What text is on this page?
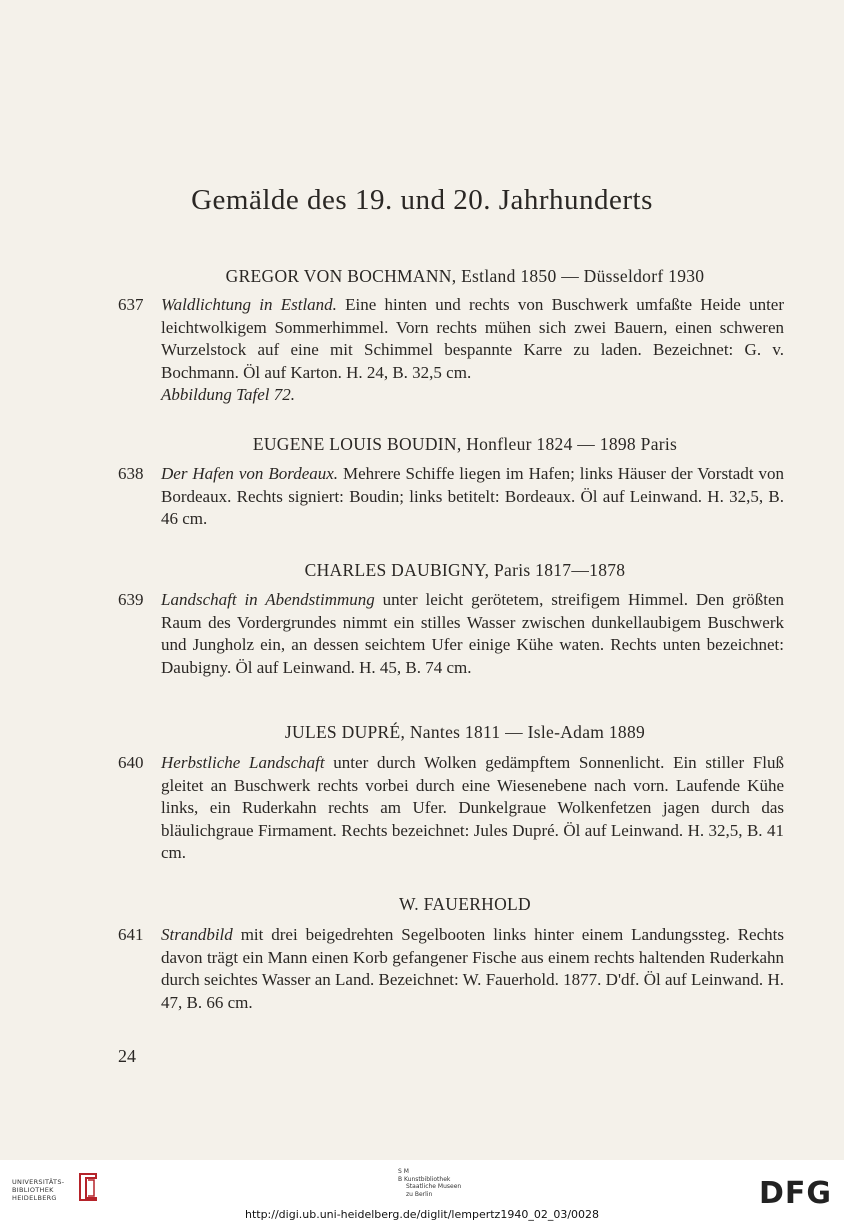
Gemälde des 19. und 20. Jahrhunderts
GREGOR VON BOCHMANN, Estland 1850 — Düsseldorf 1930
637	Waldlichtung in Estland. Eine hinten und rechts von Buschwerk umfaßte Heide unter leichtwolkigem Sommerhimmel. Vorn rechts mühen sich zwei Bauern, einen schweren Wurzelstock auf eine mit Schimmel bespannte Karre zu laden. Bezeichnet: G. v. Bochmann. Öl auf Karton. H. 24, B. 32,5 cm.
Abbildung Tafel 72.
EUGENE LOUIS BOUDIN, Honfleur 1824 — 1898 Paris
638	Der Hafen von Bordeaux. Mehrere Schiffe liegen im Hafen; links Häuser der Vorstadt von Bordeaux. Rechts signiert: Boudin; links betitelt: Bordeaux. Öl auf Leinwand. H. 32,5, B. 46 cm.
CHARLES DAUBIGNY, Paris 1817—1878
639	Landschaft in Abendstimmung unter leicht gerötetem, streifigem Himmel. Den größten Raum des Vordergrundes nimmt ein stilles Wasser zwischen dunkellaubigem Buschwerk und Jungholz ein, an dessen seichtem Ufer einige Kühe waten. Rechts unten bezeichnet: Daubigny. Öl auf Leinwand. H. 45, B. 74 cm.
JULES DUPRÉ, Nantes 1811 — Isle-Adam 1889
640	Herbstliche Landschaft unter durch Wolken gedämpftem Sonnenlicht. Ein stiller Fluß gleitet an Buschwerk rechts vorbei durch eine Wiesenebene nach vorn. Laufende Kühe links, ein Ruderkahn rechts am Ufer. Dunkelgraue Wolkenfetzen jagen durch das bläulichgraue Firmament. Rechts bezeichnet: Jules Dupré. Öl auf Leinwand. H. 32,5, B. 41 cm.
W. FAUERHOLD
641	Strandbild mit drei beigedrehten Segelbooten links hinter einem Landungssteg. Rechts davon trägt ein Mann einen Korb gefangener Fische aus einem rechts haltenden Ruderkahn durch seichtes Wasser an Land. Bezeichnet: W. Fauerhold. 1877. D'df. Öl auf Leinwand. H. 47, B. 66 cm.
24
UNIVERSITÄTS-
BIBLIOTHEK
HEIDELBERG
S M
B Kunstbibliothek
Staatliche Museen
zu Berlin	DFG
http://digi.ub.uni-heidelberg.de/diglit/lempertz1940_02_03/0028
